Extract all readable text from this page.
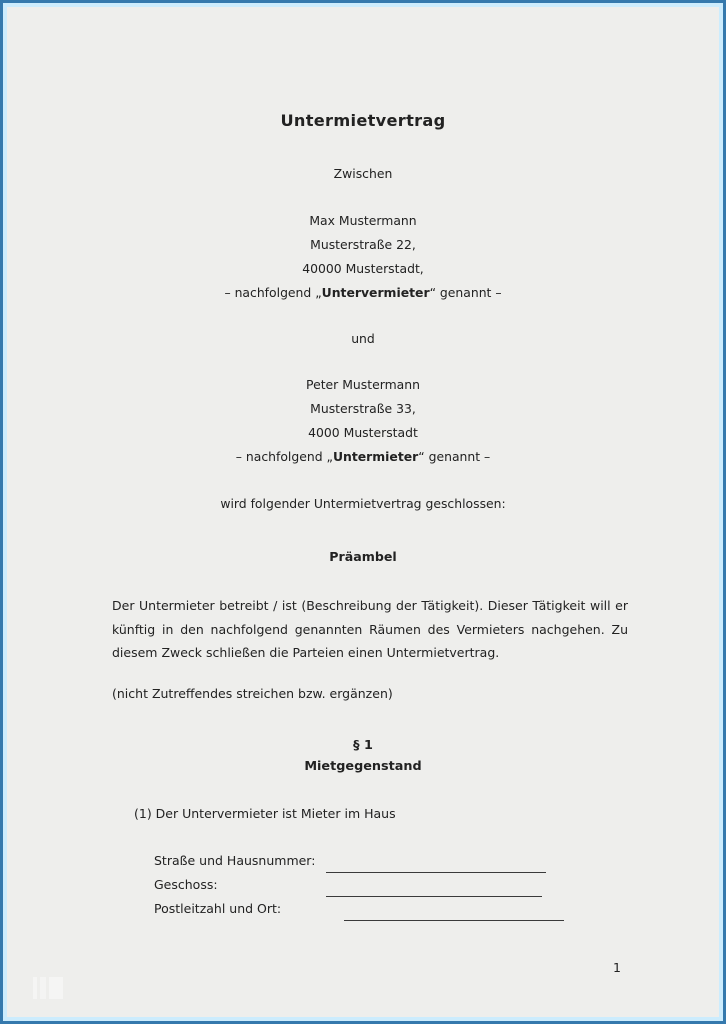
Untermietvertrag
Zwischen
Max Mustermann
Musterstraße 22,
40000 Musterstadt,
– nachfolgend „Untervermieter“ genannt –
und
Peter Mustermann
Musterstraße 33,
4000 Musterstadt
– nachfolgend „Untermieter“ genannt –
wird folgender Untermietvertrag geschlossen:
Präambel
Der Untermieter betreibt / ist (Beschreibung der Tätigkeit). Dieser Tätigkeit will er künftig in den nachfolgend genannten Räumen des Vermieters nachgehen. Zu diesem Zweck schließen die Parteien einen Untermietvertrag.
(nicht Zutreffendes streichen bzw. ergänzen)
§ 1
Mietgegenstand
(1) Der Untervermieter ist Mieter im Haus
Straße und Hausnummer:
Geschoss:
Postleitzahl und Ort:
1
